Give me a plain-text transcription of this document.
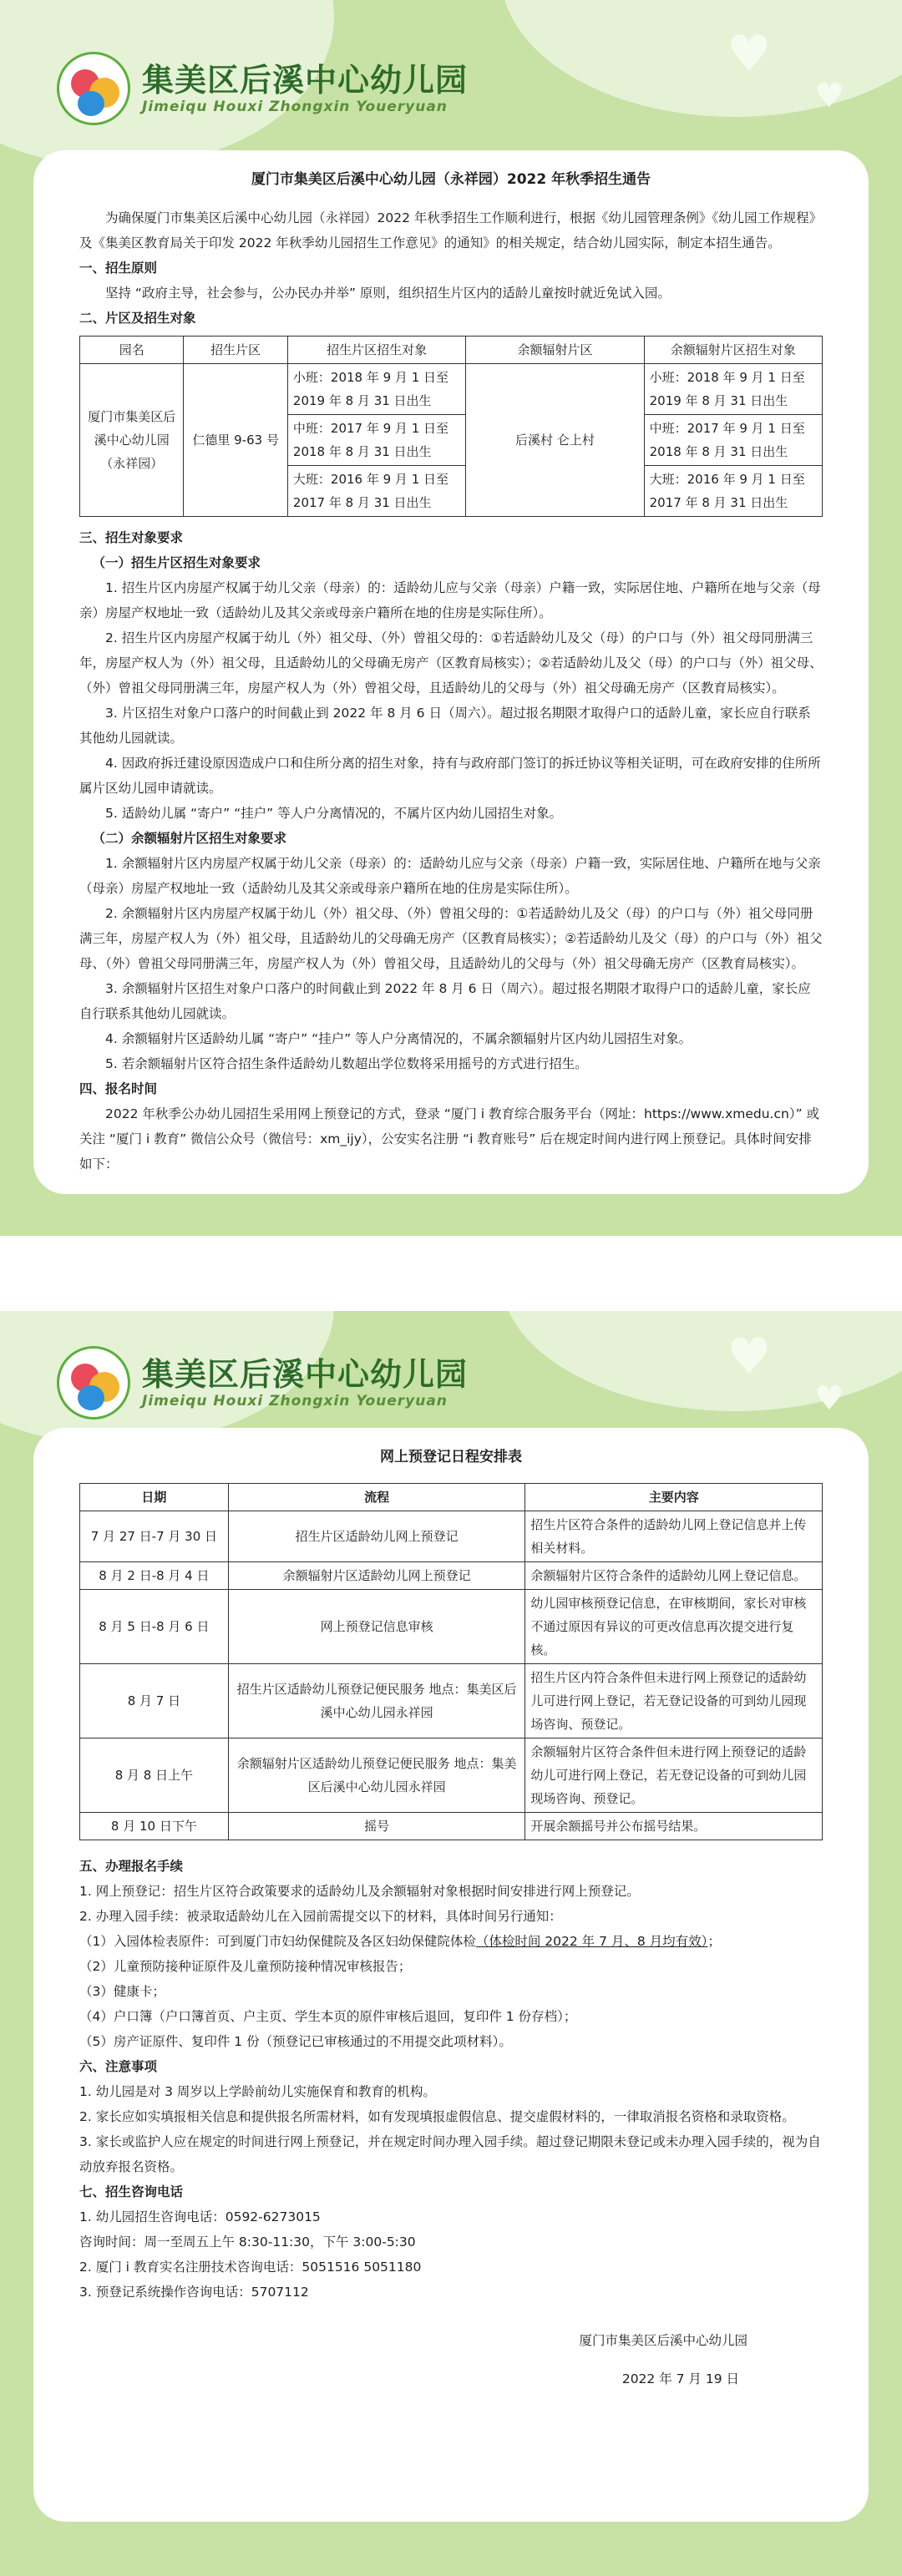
♥
♥
集美区后溪中心幼儿园
Jimeiqu Houxi Zhongxin Youeryuan

厦门市集美区后溪中心幼儿园（永祥园）2022 年秋季招生通告

为确保厦门市集美区后溪中心幼儿园（永祥园）2022 年秋季招生工作顺利进行，根据《幼儿园管理条例》《幼儿园工作规程》及《集美区教育局关于印发 2022 年秋季幼儿园招生工作意见》的通知》的相关规定，结合幼儿园实际，制定本招生通告。

一、招生原则

坚持 “政府主导，社会参与，公办民办并举” 原则，组织招生片区内的适龄儿童按时就近免试入园。

二、片区及招生对象

园名	招生片区	招生片区招生对象	余额辐射片区	余额辐射片区招生对象
厦门市集美区后溪中心幼儿园（永祥园）	仁德里 9-63 号	小班：2018 年 9 月 1 日至 2019 年 8 月 31 日出生	后溪村 仑上村	小班：2018 年 9 月 1 日至 2019 年 8 月 31 日出生
		中班：2017 年 9 月 1 日至 2018 年 8 月 31 日出生		中班：2017 年 9 月 1 日至 2018 年 8 月 31 日出生
		大班：2016 年 9 月 1 日至 2017 年 8 月 31 日出生		大班：2016 年 9 月 1 日至 2017 年 8 月 31 日出生

三、招生对象要求

（一）招生片区招生对象要求

1. 招生片区内房屋产权属于幼儿父亲（母亲）的：适龄幼儿应与父亲（母亲）户籍一致，实际居住地、户籍所在地与父亲（母亲）房屋产权地址一致（适龄幼儿及其父亲或母亲户籍所在地的住房是实际住所）。

2. 招生片区内房屋产权属于幼儿（外）祖父母、（外）曾祖父母的：①若适龄幼儿及父（母）的户口与（外）祖父母同册满三年，房屋产权人为（外）祖父母，且适龄幼儿的父母确无房产（区教育局核实）；②若适龄幼儿及父（母）的户口与（外）祖父母、（外）曾祖父母同册满三年，房屋产权人为（外）曾祖父母，且适龄幼儿的父母与（外）祖父母确无房产（区教育局核实）。

3. 片区招生对象户口落户的时间截止到 2022 年 8 月 6 日（周六）。超过报名期限才取得户口的适龄儿童，家长应自行联系其他幼儿园就读。

4. 因政府拆迁建设原因造成户口和住所分离的招生对象，持有与政府部门签订的拆迁协议等相关证明，可在政府安排的住所所属片区幼儿园申请就读。

5. 适龄幼儿属 “寄户” “挂户” 等人户分离情况的，不属片区内幼儿园招生对象。

（二）余额辐射片区招生对象要求

1. 余额辐射片区内房屋产权属于幼儿父亲（母亲）的：适龄幼儿应与父亲（母亲）户籍一致，实际居住地、户籍所在地与父亲（母亲）房屋产权地址一致（适龄幼儿及其父亲或母亲户籍所在地的住房是实际住所）。

2. 余额辐射片区内房屋产权属于幼儿（外）祖父母、（外）曾祖父母的：①若适龄幼儿及父（母）的户口与（外）祖父母同册满三年，房屋产权人为（外）祖父母，且适龄幼儿的父母确无房产（区教育局核实）；②若适龄幼儿及父（母）的户口与（外）祖父母、（外）曾祖父母同册满三年，房屋产权人为（外）曾祖父母，且适龄幼儿的父母与（外）祖父母确无房产（区教育局核实）。

3. 余额辐射片区招生对象户口落户的时间截止到 2022 年 8 月 6 日（周六）。超过报名期限才取得户口的适龄儿童，家长应自行联系其他幼儿园就读。

4. 余额辐射片区适龄幼儿属 “寄户” “挂户” 等人户分离情况的，不属余额辐射片区内幼儿园招生对象。

5. 若余额辐射片区符合招生条件适龄幼儿数超出学位数将采用摇号的方式进行招生。

四、报名时间

2022 年秋季公办幼儿园招生采用网上预登记的方式，登录 “厦门 i 教育综合服务平台（网址：https://www.xmedu.cn）” 或关注 “厦门 i 教育” 微信公众号（微信号：xm_ijy），公安实名注册 “i 教育账号” 后在规定时间内进行网上预登记。具体时间安排如下：

♥
♥
集美区后溪中心幼儿园
Jimeiqu Houxi Zhongxin Youeryuan

网上预登记日程安排表

日期	流程	主要内容
7 月 27 日-7 月 30 日	招生片区适龄幼儿网上预登记	招生片区符合条件的适龄幼儿网上登记信息并上传相关材料。
8 月 2 日-8 月 4 日	余额辐射片区适龄幼儿网上预登记	余额辐射片区符合条件的适龄幼儿网上登记信息。
8 月 5 日-8 月 6 日	网上预登记信息审核	幼儿园审核预登记信息，在审核期间，家长对审核不通过原因有异议的可更改信息再次提交进行复核。
8 月 7 日	招生片区适龄幼儿预登记便民服务 地点：集美区后溪中心幼儿园永祥园	招生片区内符合条件但未进行网上预登记的适龄幼儿可进行网上登记，若无登记设备的可到幼儿园现场咨询、预登记。
8 月 8 日上午	余额辐射片区适龄幼儿预登记便民服务 地点：集美区后溪中心幼儿园永祥园	余额辐射片区符合条件但未进行网上预登记的适龄幼儿可进行网上登记，若无登记设备的可到幼儿园现场咨询、预登记。
8 月 10 日下午	摇号	开展余额摇号并公布摇号结果。

五、办理报名手续

1. 网上预登记：招生片区符合政策要求的适龄幼儿及余额辐射对象根据时间安排进行网上预登记。

2. 办理入园手续：被录取适龄幼儿在入园前需提交以下的材料，具体时间另行通知：

（1）入园体检表原件：可到厦门市妇幼保健院及各区妇幼保健院体检（体检时间 2022 年 7 月、8 月均有效）；

（2）儿童预防接种证原件及儿童预防接种情况审核报告；

（3）健康卡；

（4）户口簿（户口簿首页、户主页、学生本页的原件审核后退回，复印件 1 份存档）；

（5）房产证原件、复印件 1 份（预登记已审核通过的不用提交此项材料）。

六、注意事项

1. 幼儿园是对 3 周岁以上学龄前幼儿实施保育和教育的机构。

2. 家长应如实填报相关信息和提供报名所需材料，如有发现填报虚假信息、提交虚假材料的，一律取消报名资格和录取资格。

3. 家长或监护人应在规定的时间进行网上预登记，并在规定时间办理入园手续。超过登记期限未登记或未办理入园手续的，视为自动放弃报名资格。

七、招生咨询电话

1. 幼儿园招生咨询电话：0592-6273015

咨询时间：周一至周五上午 8:30-11:30，下午 3:00-5:30

2. 厦门 i 教育实名注册技术咨询电话：5051516 5051180

3. 预登记系统操作咨询电话：5707112

厦门市集美区后溪中心幼儿园

2022 年 7 月 19 日
